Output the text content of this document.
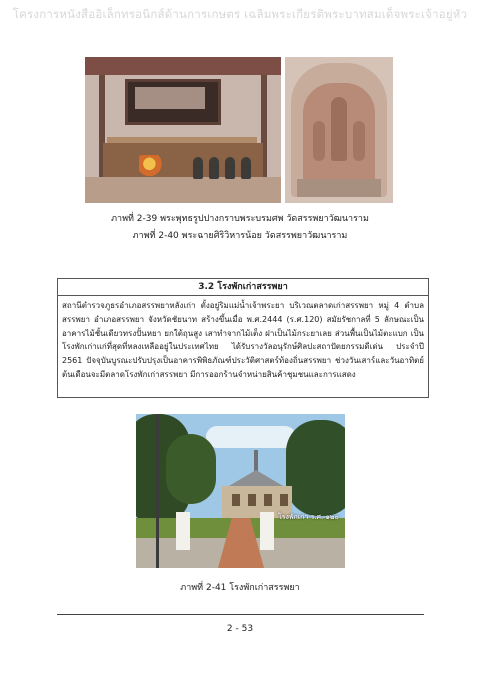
โครงการหนังสืออิเล็กทรอนิกส์ด้านการเกษตร เฉลิมพระเกียรติพระบาทสมเด็จพระเจ้าอยู่หัว
ภาพที่ 2-39 พระพุทธรูปปางกราบพระบรมศพ วัดสรรพยาวัฒนาราม
ภาพที่ 2-40 พระฉายศิริวิหารน้อย วัดสรรพยาวัฒนาราม
3.2 โรงพักเก่าสรรพยา
สถานีตำรวจภูธรอำเภอสรรพยาหลังเก่า ตั้งอยู่ริมแม่น้ำเจ้าพระยา บริเวณตลาดเก่าสรรพยา หมู่ 4 ตำบลสรรพยา อำเภอสรรพยา จังหวัดชัยนาท สร้างขึ้นเมื่อ พ.ศ.2444 (ร.ศ.120) สมัยรัชกาลที่ 5 ลักษณะเป็นอาคารไม้ชั้นเดียวทรงปั้นหยา ยกใต้ถุนสูง เสาทำจากไม้เต็ง ฝาเป็นไม้กระยาเลย ส่วนพื้นเป็นไม้ตะแบก เป็นโรงพักเก่าแก่ที่สุดที่หลงเหลืออยู่ในประเทศไทย ได้รับรางวัลอนุรักษ์ศิลปะสถาปัตยกรรมดีเด่น ประจำปี 2561 ปัจจุบันบูรณะปรับปรุงเป็นอาคารพิพิธภัณฑ์ประวัติศาสตร์ท้องถิ่นสรรพยา ช่วงวันเสาร์และวันอาทิตย์ต้นเดือนจะมีตลาดโรงพักเก่าสรรพยา มีการออกร้านจำหน่ายสินค้าชุมชนและการแสดง
โรงพักเก่า ร.ศ. ๑๒๐
ภาพที่ 2-41 โรงพักเก่าสรรพยา
2 - 53
